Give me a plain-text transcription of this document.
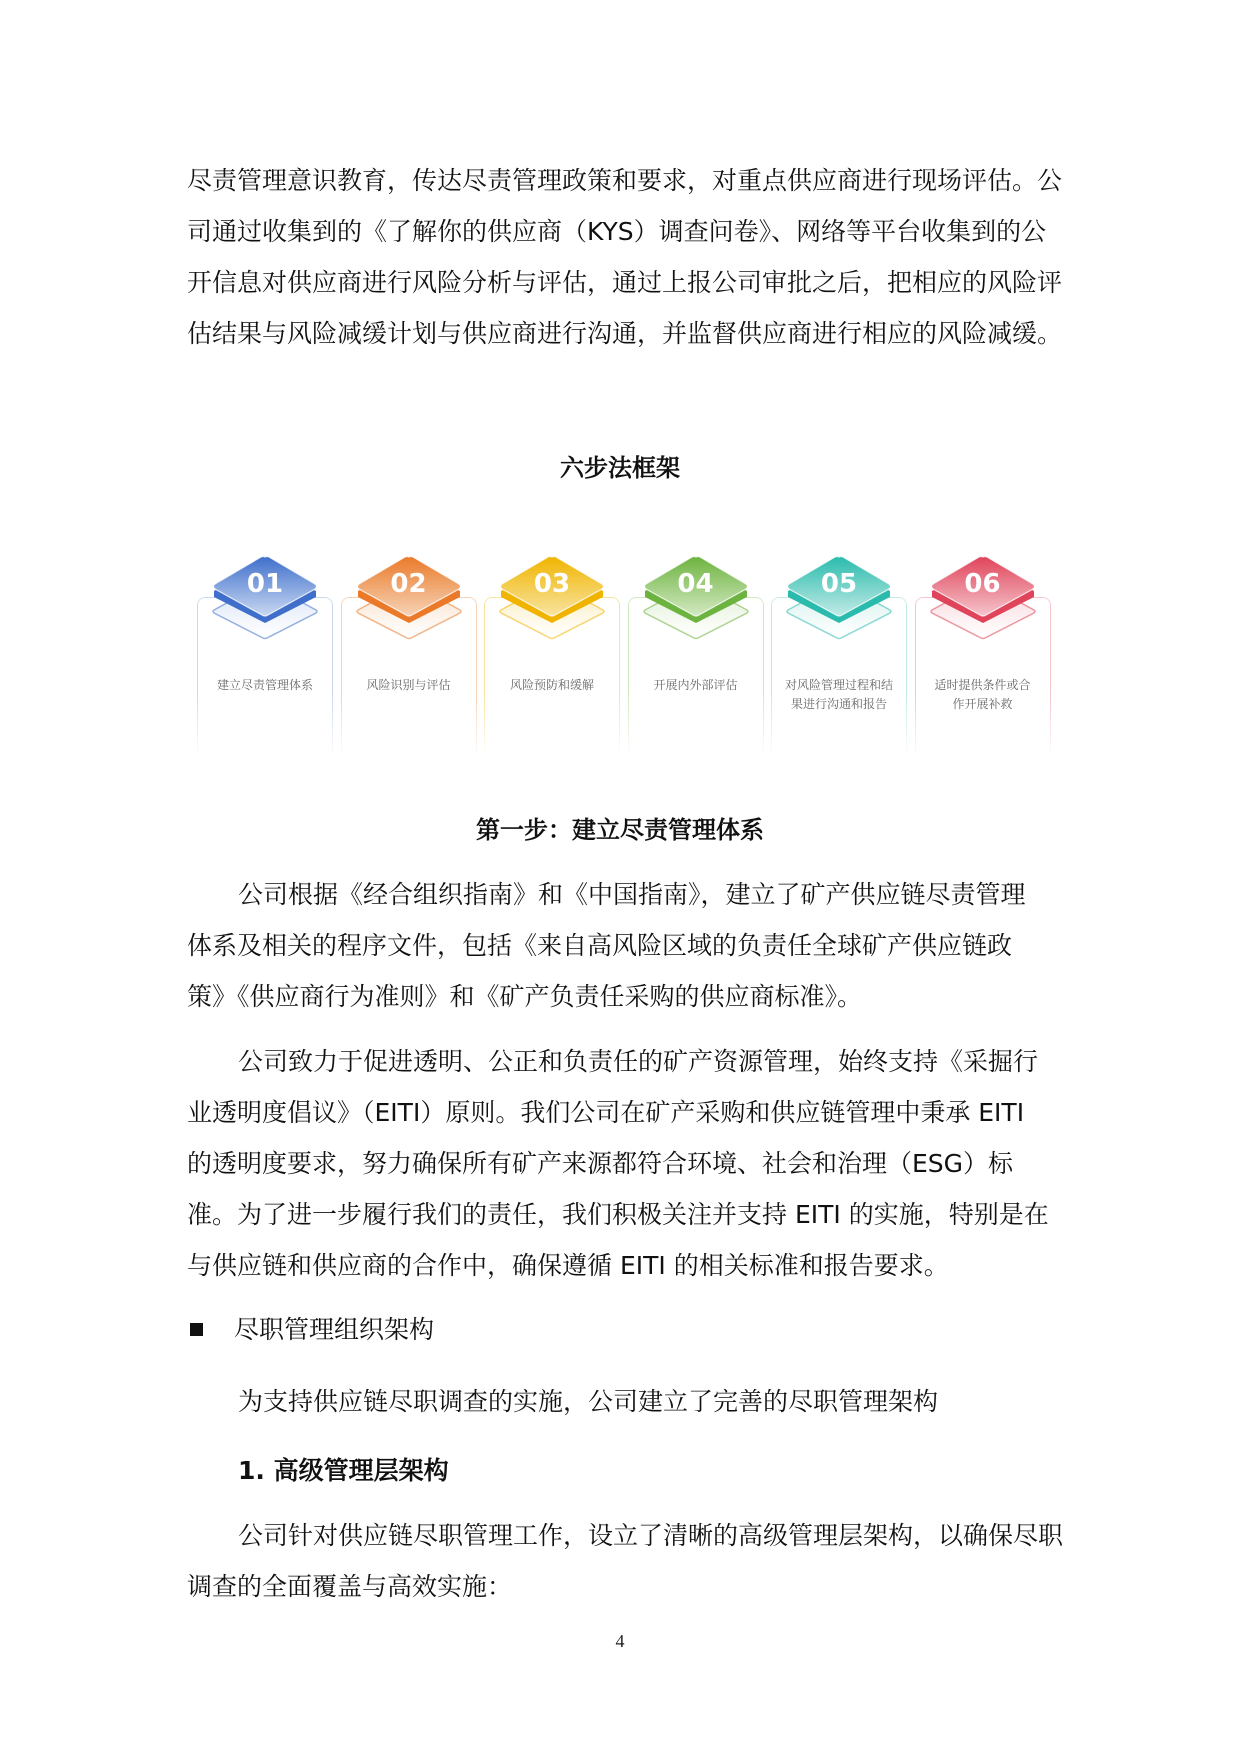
尽责管理意识教育，传达尽责管理政策和要求，对重点供应商进行现场评估。公
司通过收集到的《了解你的供应商（KYS）调查问卷》、网络等平台收集到的公
开信息对供应商进行风险分析与评估，通过上报公司审批之后，把相应的风险评
估结果与风险减缓计划与供应商进行沟通，并监督供应商进行相应的风险减缓。
六步法框架
01
建立尽责管理体系
02
风险识别与评估
03
风险预防和缓解
04
开展内外部评估
05
对风险管理过程和结
果进行沟通和报告
06
适时提供条件或合
作开展补救
第一步：建立尽责管理体系
公司根据《经合组织指南》和《中国指南》，建立了矿产供应链尽责管理
体系及相关的程序文件，包括《来自高风险区域的负责任全球矿产供应链政
策》《供应商行为准则》和《矿产负责任采购的供应商标准》。
公司致力于促进透明、公正和负责任的矿产资源管理，始终支持《采掘行
业透明度倡议》（EITI）原则。我们公司在矿产采购和供应链管理中秉承 EITI
的透明度要求，努力确保所有矿产来源都符合环境、社会和治理（ESG）标
准。为了进一步履行我们的责任，我们积极关注并支持 EITI 的实施，特别是在
与供应链和供应商的合作中，确保遵循 EITI 的相关标准和报告要求。
尽职管理组织架构
为支持供应链尽职调查的实施，公司建立了完善的尽职管理架构
1. 高级管理层架构
公司针对供应链尽职管理工作，设立了清晰的高级管理层架构，以确保尽职
调查的全面覆盖与高效实施：
4
